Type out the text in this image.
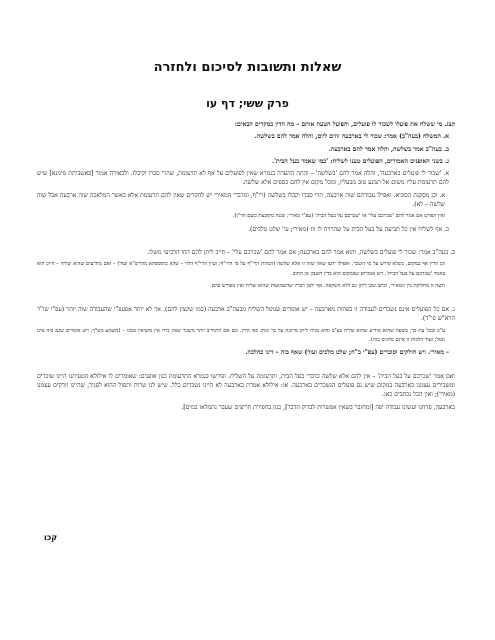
שאלות ותשובות לסיכום ולחזרה
פרק ששי; דף עו

קצג. מי ששלח את פועלו לשכור לו פועלים, והפועל הטעה אותם – מה הדין במקרים הבאים:

א. המשלח (בעה"ב) אמר: שכור לי בארבעה זוזים ליום, והלה אמר להם בשלשה.

ב. בעה"ב אמר בשלשה, והלה אמר להם בארבעה.

ג. בשני האופנים האמורים, הפועלים טענו לשליח: 'כמו שאמר בעל הבית'.

א. 'שכור לי פועלים בארבעה', והלה אמר להם 'בשלשה' – והתה ההערה בגמרא שאין לפועלים על אף לא תרעומת, שהרי סברו וקיבלו. ולכאורה אמור [באשביתת מימנא] שיש להם תרעומת עליו משום אל תמנע טוב מבעליו, ומכל מקום אין להם כספים אלא שלשה.

א. וכן מסקנת הסוגיא. ואפילו עבודתם שוה ארבעה, הרי סברו וקבלו בשלשה (רי"ף, ומדברי המאירי יש להקדים שאין להם תרעומת אלא כאשר המלאכה שוה ארבעה אבל שוה שלשה – לא).

ואין הפרש אם אמר להם 'שכרכם עלי' או 'שכרכם על בעל הבית' (עפ"י מאירי; שטה מקובצת בשם הר"ן).

ב. אף לשליח אין כל תביעה על בעל הבית על שהרויח לו זוז (מאירי; עי' שלט מלכים).

ב. בעה"ב אמר: שכור לי פועלים בשלשה, והוא אמר להם בארבעה; אם אמר להם 'שכרכם עלי' – חייב ליתן להם הוזו הרביעי משלו.

וכן הדין אף במקום, כשלא פירש על מי השכר. ואפילו ידעו שאין שוה זו אלא שלשה (הגהות הרי"ף על פי הרי"ף; ועיין הרי"ף הלוי – שלא כתוספתא מהרש"א ועוד) – ואם מודיעים שהוא שליח – חייב הוא באמר 'שכרכם על בעל הבית'. ויש אומרים שבמקום הוא בדין חשבון מן החוב.

ודעה זו מחלוקת בין המאירי, וכתב שכן ליתן גם ללא השקפה. אף יתכן דבריו שהשמועות שהוא שליח ואין מפורש בהם.

ג. אם כל הפועלים אינם נשכרים לעבודה זו בפחות מארבעה – יש אומרים שנוטל השליח מבעה"ב ארבעה (כמו שקצץ להם). אך לא יותר אפעפ"י שהעבודה שוה יותר (עפ"י שו"ר הרא"ש פי"ד).

ע"כ ובכל עת כך, בשעה שהוא מודיע שהוא שליח בע"ב והוא מניח ליתן מרובה על כך ונוהג כפי הדין. וגם אם התחייב יותר משכר שאין בידו אין מוציאין ממנו – (משמע בש"ך; ויש אומרים שגם בזה אינו נוטל; ועוד הלכות זו אינם נוהגים בזה).

– מאירי. ויש חולקים וסוברים (עפ"י ב"ח; שלט מלכים ועוד) שאף בזה – דינו כהלכה.

ואם אמר 'שכרכם על בעל הבית' – אין להם אלא שלשה כדברי בעל הבית, ותרעומת על השליח. ופירשו בגמרא התרעומת כגון אופנים: שאומרים לו אילולא הטעיתנו היינו שוכרים ומשכירים עצמנו בארבעה במקום שיש נם פועלים הנשכרים בארבעה. או: אילולא אמרת בארבעה לא היינו נשכרים כלל. שיש לנו שרות ותפול ההוא לפניך, שהיינו זורקים עצמנו (מאירי); ואין הכל נכתבים כאן.

בארבעה, פרחנו ועשינו עבודה יפה [ומחזבר בשאין אפשרות לבדוק הדבר], כגון בחפירת חריצים שעבר נתמלאו במים].

קכו
